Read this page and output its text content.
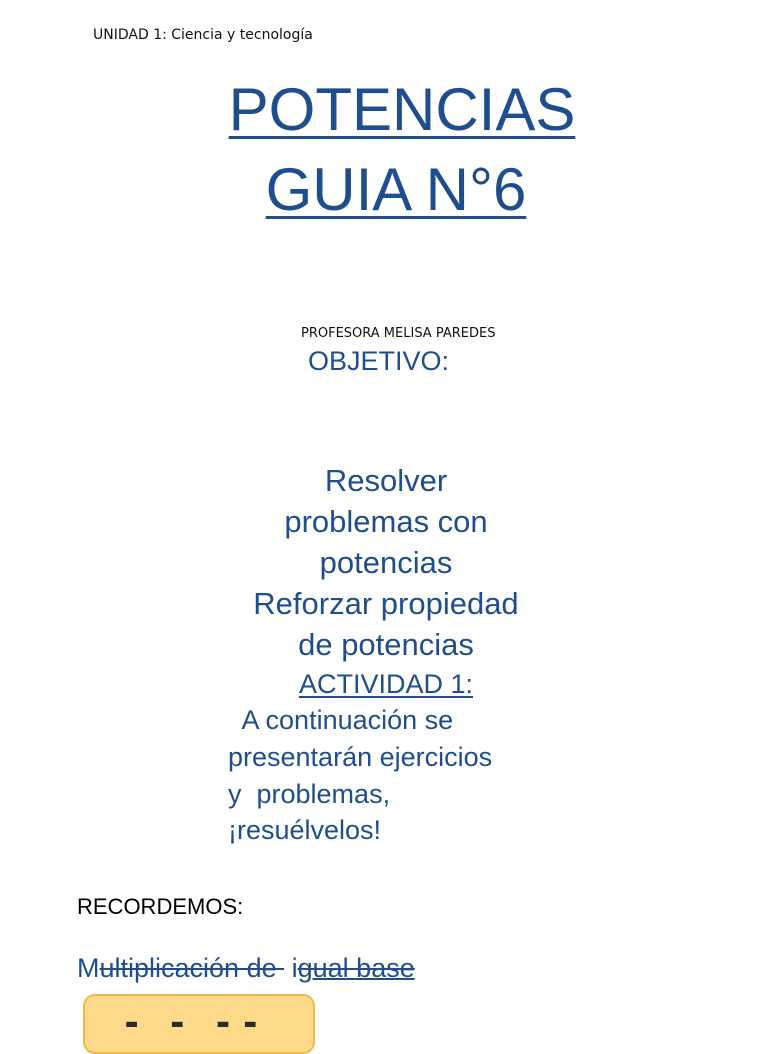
UNIDAD 1: Ciencia y tecnología
POTENCIAS
GUIA N°6
PROFESORA MELISA PAREDES
OBJETIVO:
Resolver
problemas con
potencias
Reforzar propiedad
de potencias
ACTIVIDAD 1:
A continuación se
presentarán ejercicios
y  problemas,
¡resuélvelos!
RECORDEMOS:
Multiplicación de  igual base
▬ ▬ ▬▬
